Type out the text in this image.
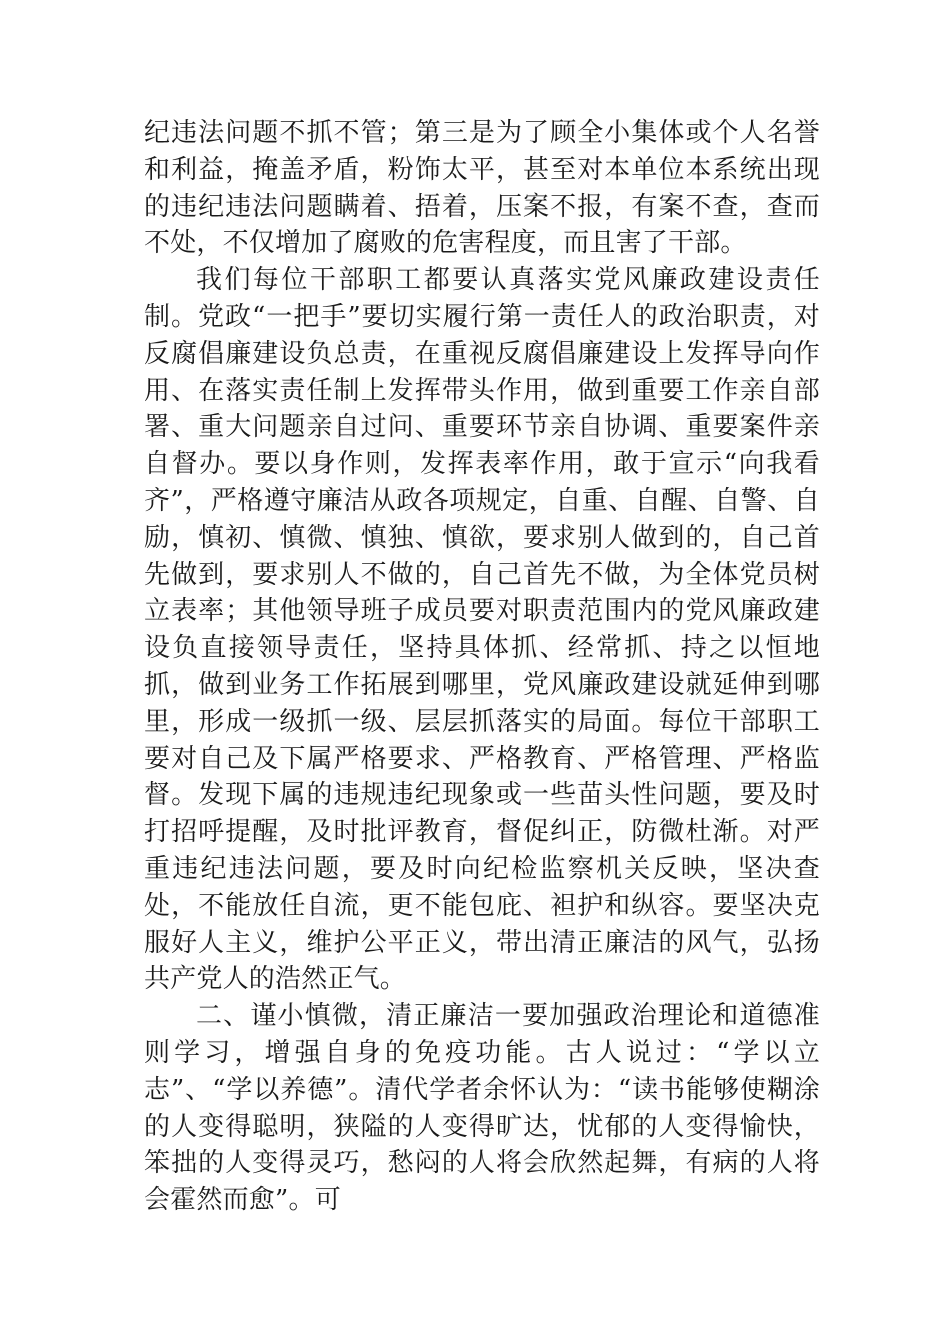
纪违法问题不抓不管；第三是为了顾全小集体或个人名誉和利益，掩盖矛盾，粉饰太平，甚至对本单位本系统出现的违纪违法问题瞒着、捂着，压案不报，有案不查，查而不处，不仅增加了腐败的危害程度，而且害了干部。

我们每位干部职工都要认真落实党风廉政建设责任制。党政“一把手”要切实履行第一责任人的政治职责，对反腐倡廉建设负总责，在重视反腐倡廉建设上发挥导向作用、在落实责任制上发挥带头作用，做到重要工作亲自部署、重大问题亲自过问、重要环节亲自协调、重要案件亲自督办。要以身作则，发挥表率作用，敢于宣示“向我看齐”，严格遵守廉洁从政各项规定，自重、自醒、自警、自励，慎初、慎微、慎独、慎欲，要求别人做到的，自己首先做到，要求别人不做的，自己首先不做，为全体党员树立表率；其他领导班子成员要对职责范围内的党风廉政建设负直接领导责任，坚持具体抓、经常抓、持之以恒地抓，做到业务工作拓展到哪里，党风廉政建设就延伸到哪里，形成一级抓一级、层层抓落实的局面。每位干部职工要对自己及下属严格要求、严格教育、严格管理、严格监督。发现下属的违规违纪现象或一些苗头性问题，要及时打招呼提醒，及时批评教育，督促纠正，防微杜渐。对严重违纪违法问题，要及时向纪检监察机关反映，坚决查处，不能放任自流，更不能包庇、袒护和纵容。要坚决克服好人主义，维护公平正义，带出清正廉洁的风气，弘扬共产党人的浩然正气。

二、谨小慎微，清正廉洁一要加强政治理论和道德准则学习，增强自身的免疫功能。古人说过：“学以立志”、“学以养德”。清代学者余怀认为：“读书能够使糊涂的人变得聪明，狭隘的人变得旷达，忧郁的人变得愉快，笨拙的人变得灵巧，愁闷的人将会欣然起舞，有病的人将会霍然而愈”。可
